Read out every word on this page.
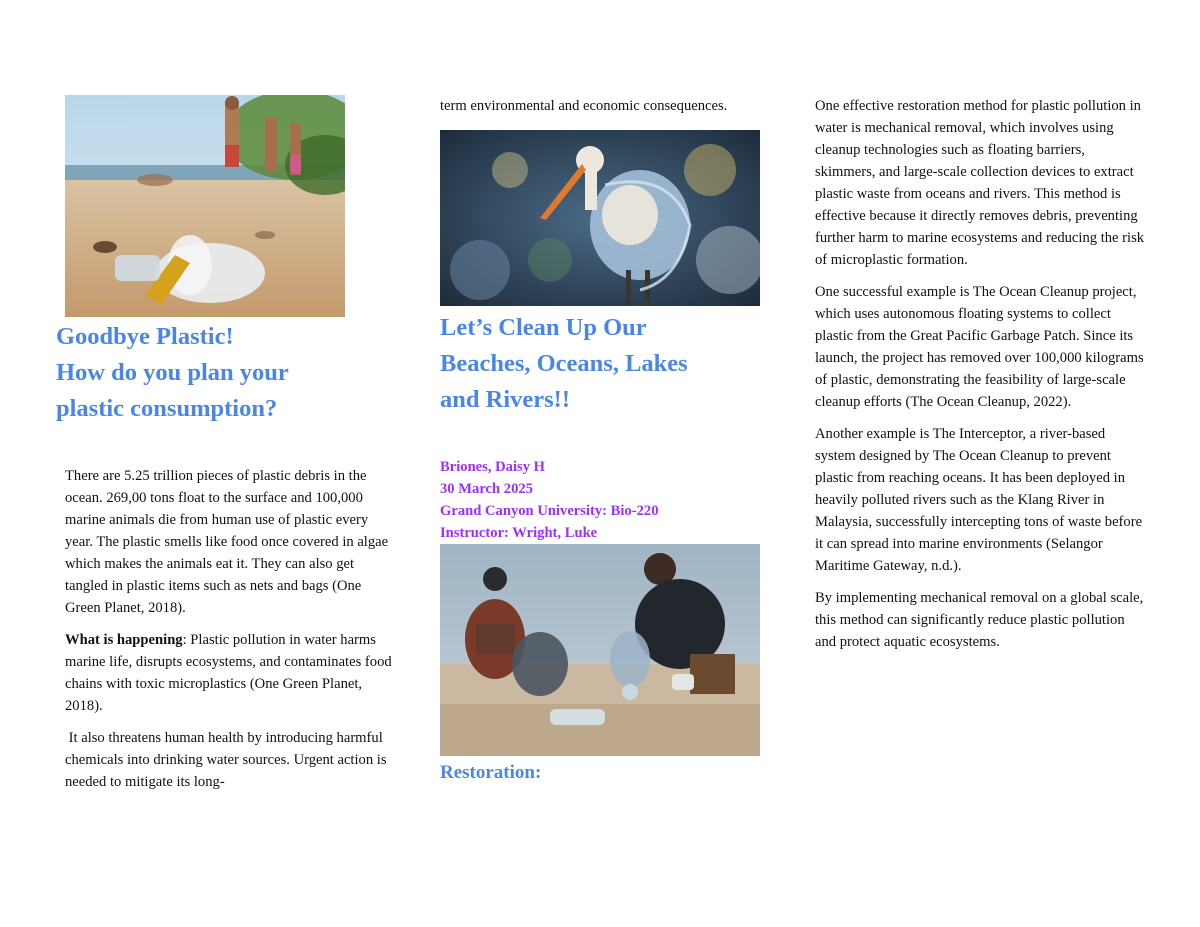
Goodbye Plastic!
How do you plan your
plastic consumption?

There are 5.25 trillion pieces of plastic debris in the ocean. 269,00 tons float to the surface and 100,000 marine animals die from human use of plastic every year. The plastic smells like food once covered in algae which makes the animals eat it. They can also get tangled in plastic items such as nets and bags (One Green Planet, 2018).

What is happening: Plastic pollution in water harms marine life, disrupts ecosystems, and contaminates food chains with toxic microplastics (One Green Planet, 2018).

It also threatens human health by introducing harmful chemicals into drinking water sources. Urgent action is needed to mitigate its long-

term environmental and economic consequences.

Let’s Clean Up Our
Beaches, Oceans, Lakes
and Rivers!!

Briones, Daisy H

30 March 2025

Grand Canyon University: Bio-220

Instructor: Wright, Luke

Restoration:

One effective restoration method for plastic pollution in water is mechanical removal, which involves using cleanup technologies such as floating barriers, skimmers, and large-scale collection devices to extract plastic waste from oceans and rivers. This method is effective because it directly removes debris, preventing further harm to marine ecosystems and reducing the risk of microplastic formation.

One successful example is The Ocean Cleanup project, which uses autonomous floating systems to collect plastic from the Great Pacific Garbage Patch. Since its launch, the project has removed over 100,000 kilograms of plastic, demonstrating the feasibility of large-scale cleanup efforts (The Ocean Cleanup, 2022).

Another example is The Interceptor, a river-based system designed by The Ocean Cleanup to prevent plastic from reaching oceans. It has been deployed in heavily polluted rivers such as the Klang River in Malaysia, successfully intercepting tons of waste before it can spread into marine environments (Selangor Maritime Gateway, n.d.).

By implementing mechanical removal on a global scale, this method can significantly reduce plastic pollution and protect aquatic ecosystems.
